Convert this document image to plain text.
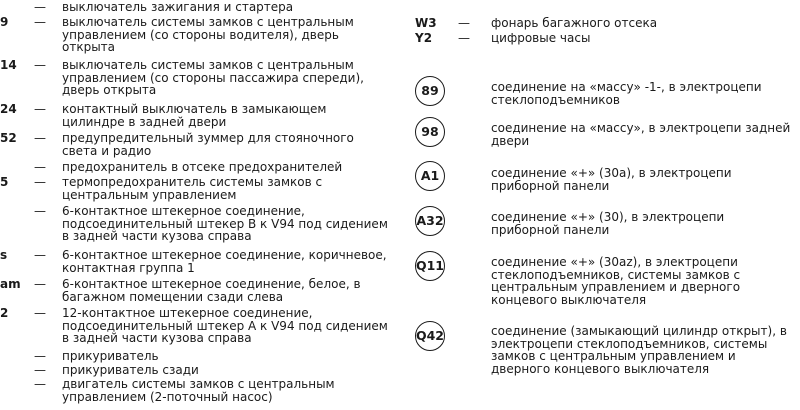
— выключатель зажигания и стартера
9	— выключатель системы замков с центральным управлением (со стороны водителя), дверь открыта
14	— выключатель системы замков с центральным управлением (со стороны пассажира спереди), дверь открыта
24	— контактный выключатель в замыкающем цилиндре в задней двери
52	— предупредительный зуммер для стояночного света и радио
— предохранитель в отсеке предохранителей
5	— термопредохранитель системы замков с центральным управлением
— 6-контактное штекерное соединение, подсоединительный штекер В к V94 под сидением в задней части кузова справа
s	— 6-контактное штекерное соединение, коричневое, контактная группа 1
am	— 6-контактное штекерное соединение, белое, в багажном помещении сзади слева
2	— 12-контактное штекерное соединение, подсоединительный штекер А к V94 под сидением в задней части кузова справа
— прикуриватель
— прикуриватель сзади
— двигатель системы замков с центральным управлением (2-поточный насос)
W3 — фонарь багажного отсека
Y2 — цифровые часы
89	соединение на «массу» -1-, в электроцепи стеклоподъемников
98	соединение на «массу», в электроцепи задней двери
A1	соединение «+» (30а), в электроцепи приборной панели
A32	соединение «+» (30), в электроцепи приборной панели
Q11	соединение «+» (30az), в электроцепи стеклоподъемников, системы замков с центральным управлением и дверного концевого выключателя
Q42	соединение (замыкающий цилиндр открыт), в электроцепи стеклоподъемников, системы замков с центральным управлением и дверного концевого выключателя
